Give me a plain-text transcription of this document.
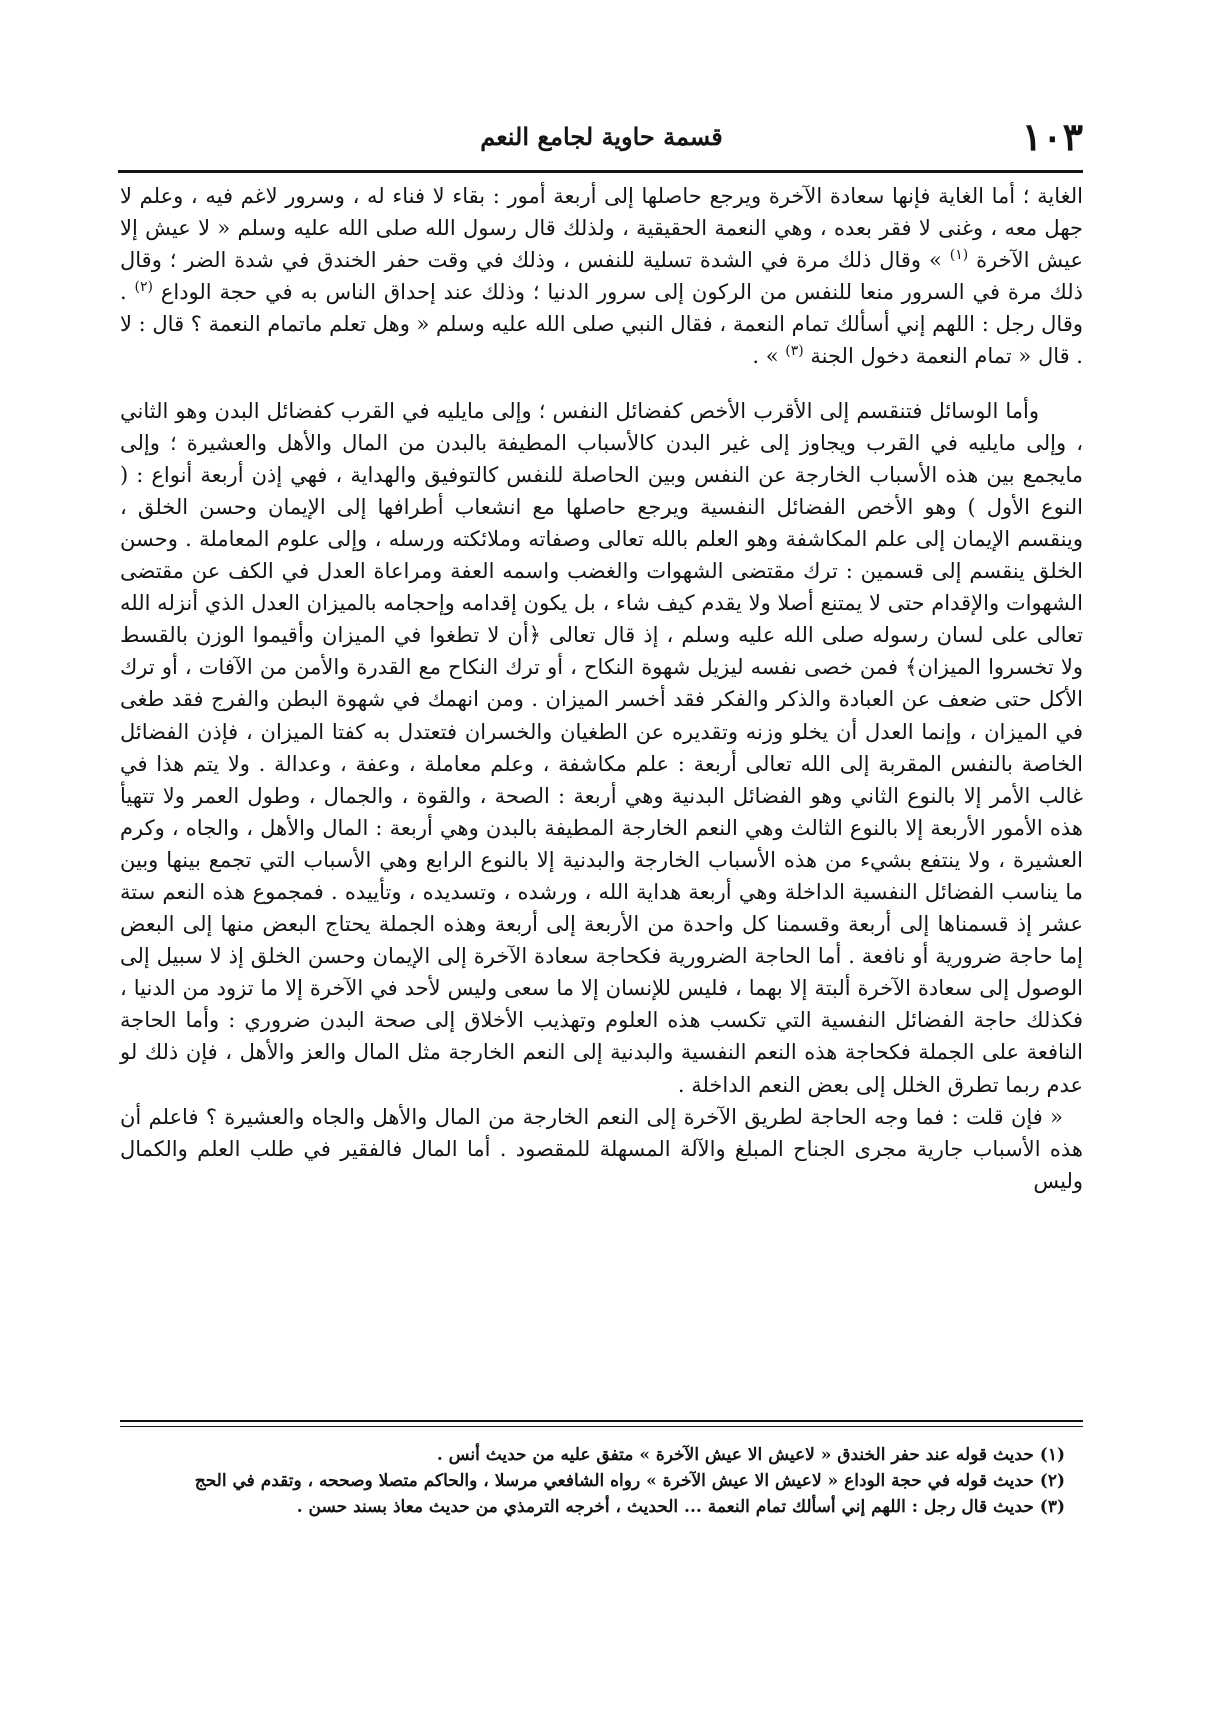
قسمة حاوية لجامع النعم	١٠٣

الغاية ؛ أما الغاية فإنها سعادة الآخرة ويرجع حاصلها إلى أربعة أمور : بقاء لا فناء له ، وسرور لاغم فيه ، وعلم لا جهل معه ، وغنى لا فقر بعده ، وهي النعمة الحقيقية ، ولذلك قال رسول الله صلى الله عليه وسلم « لا عيش إلا عيش الآخرة $^{(١)}$ » وقال ذلك مرة في الشدة تسلية للنفس ، وذلك في وقت حفر الخندق في شدة الضر ؛ وقال ذلك مرة في السرور منعا للنفس من الركون إلى سرور الدنيا ؛ وذلك عند إحداق الناس به في حجة الوداع $^{(٢)}$ . وقال رجل : اللهم إني أسألك تمام النعمة ، فقال النبي صلى الله عليه وسلم « وهل تعلم ماتمام النعمة ؟ قال : لا . قال « تمام النعمة دخول الجنة $^{(٣)}$ » .

وأما الوسائل فتنقسم إلى الأقرب الأخص كفضائل النفس ؛ وإلى مايليه في القرب كفضائل البدن وهو الثاني ، وإلى مايليه في القرب ويجاوز إلى غير البدن كالأسباب المطيفة بالبدن من المال والأهل والعشيرة ؛ وإلى مايجمع بين هذه الأسباب الخارجة عن النفس وبين الحاصلة للنفس كالتوفيق والهداية ، فهي إذن أربعة أنواع : ( النوع الأول ) وهو الأخص الفضائل النفسية ويرجع حاصلها مع انشعاب أطرافها إلى الإيمان وحسن الخلق ، وينقسم الإيمان إلى علم المكاشفة وهو العلم بالله تعالى وصفاته وملائكته ورسله ، وإلى علوم المعاملة . وحسن الخلق ينقسم إلى قسمين : ترك مقتضى الشهوات والغضب واسمه العفة ومراعاة العدل في الكف عن مقتضى الشهوات والإقدام حتى لا يمتنع أصلا ولا يقدم كيف شاء ، بل يكون إقدامه وإحجامه بالميزان العدل الذي أنزله الله تعالى على لسان رسوله صلى الله عليه وسلم ، إذ قال تعالى ﴿أن لا تطغوا في الميزان وأقيموا الوزن بالقسط ولا تخسروا الميزان﴾ فمن خصى نفسه ليزيل شهوة النكاح ، أو ترك النكاح مع القدرة والأمن من الآفات ، أو ترك الأكل حتى ضعف عن العبادة والذكر والفكر فقد أخسر الميزان . ومن انهمك في شهوة البطن والفرج فقد طغى في الميزان ، وإنما العدل أن يخلو وزنه وتقديره عن الطغيان والخسران فتعتدل به كفتا الميزان ، فإذن الفضائل الخاصة بالنفس المقربة إلى الله تعالى أربعة : علم مكاشفة ، وعلم معاملة ، وعفة ، وعدالة . ولا يتم هذا في غالب الأمر إلا بالنوع الثاني وهو الفضائل البدنية وهي أربعة : الصحة ، والقوة ، والجمال ، وطول العمر ولا تتهيأ هذه الأمور الأربعة إلا بالنوع الثالث وهي النعم الخارجة المطيفة بالبدن وهي أربعة : المال والأهل ، والجاه ، وكرم العشيرة ، ولا ينتفع بشيء من هذه الأسباب الخارجة والبدنية إلا بالنوع الرابع وهي الأسباب التي تجمع بينها وبين ما يناسب الفضائل النفسية الداخلة وهي أربعة هداية الله ، ورشده ، وتسديده ، وتأييده . فمجموع هذه النعم ستة عشر إذ قسمناها إلى أربعة وقسمنا كل واحدة من الأربعة إلى أربعة وهذه الجملة يحتاج البعض منها إلى البعض إما حاجة ضرورية أو نافعة . أما الحاجة الضرورية فكحاجة سعادة الآخرة إلى الإيمان وحسن الخلق إذ لا سبيل إلى الوصول إلى سعادة الآخرة ألبتة إلا بهما ، فليس للإنسان إلا ما سعى وليس لأحد في الآخرة إلا ما تزود من الدنيا ، فكذلك حاجة الفضائل النفسية التي تكسب هذه العلوم وتهذيب الأخلاق إلى صحة البدن ضروري : وأما الحاجة النافعة على الجملة فكحاجة هذه النعم النفسية والبدنية إلى النعم الخارجة مثل المال والعز والأهل ، فإن ذلك لو عدم ربما تطرق الخلل إلى بعض النعم الداخلة .

« فإن قلت : فما وجه الحاجة لطريق الآخرة إلى النعم الخارجة من المال والأهل والجاه والعشيرة ؟ فاعلم أن هذه الأسباب جارية مجرى الجناح المبلغ والآلة المسهلة للمقصود . أما المال فالفقير في طلب العلم والكمال وليس

(١) حديث قوله عند حفر الخندق « لاعيش الا عيش الآخرة » متفق عليه من حديث أنس .

(٢) حديث قوله في حجة الوداع « لاعيش الا عيش الآخرة » رواه الشافعي مرسلا ، والحاكم متصلا وصححه ، وتقدم في الحج

(٣) حديث قال رجل : اللهم إني أسألك تمام النعمة ... الحديث ، أخرجه الترمذي من حديث معاذ بسند حسن .
